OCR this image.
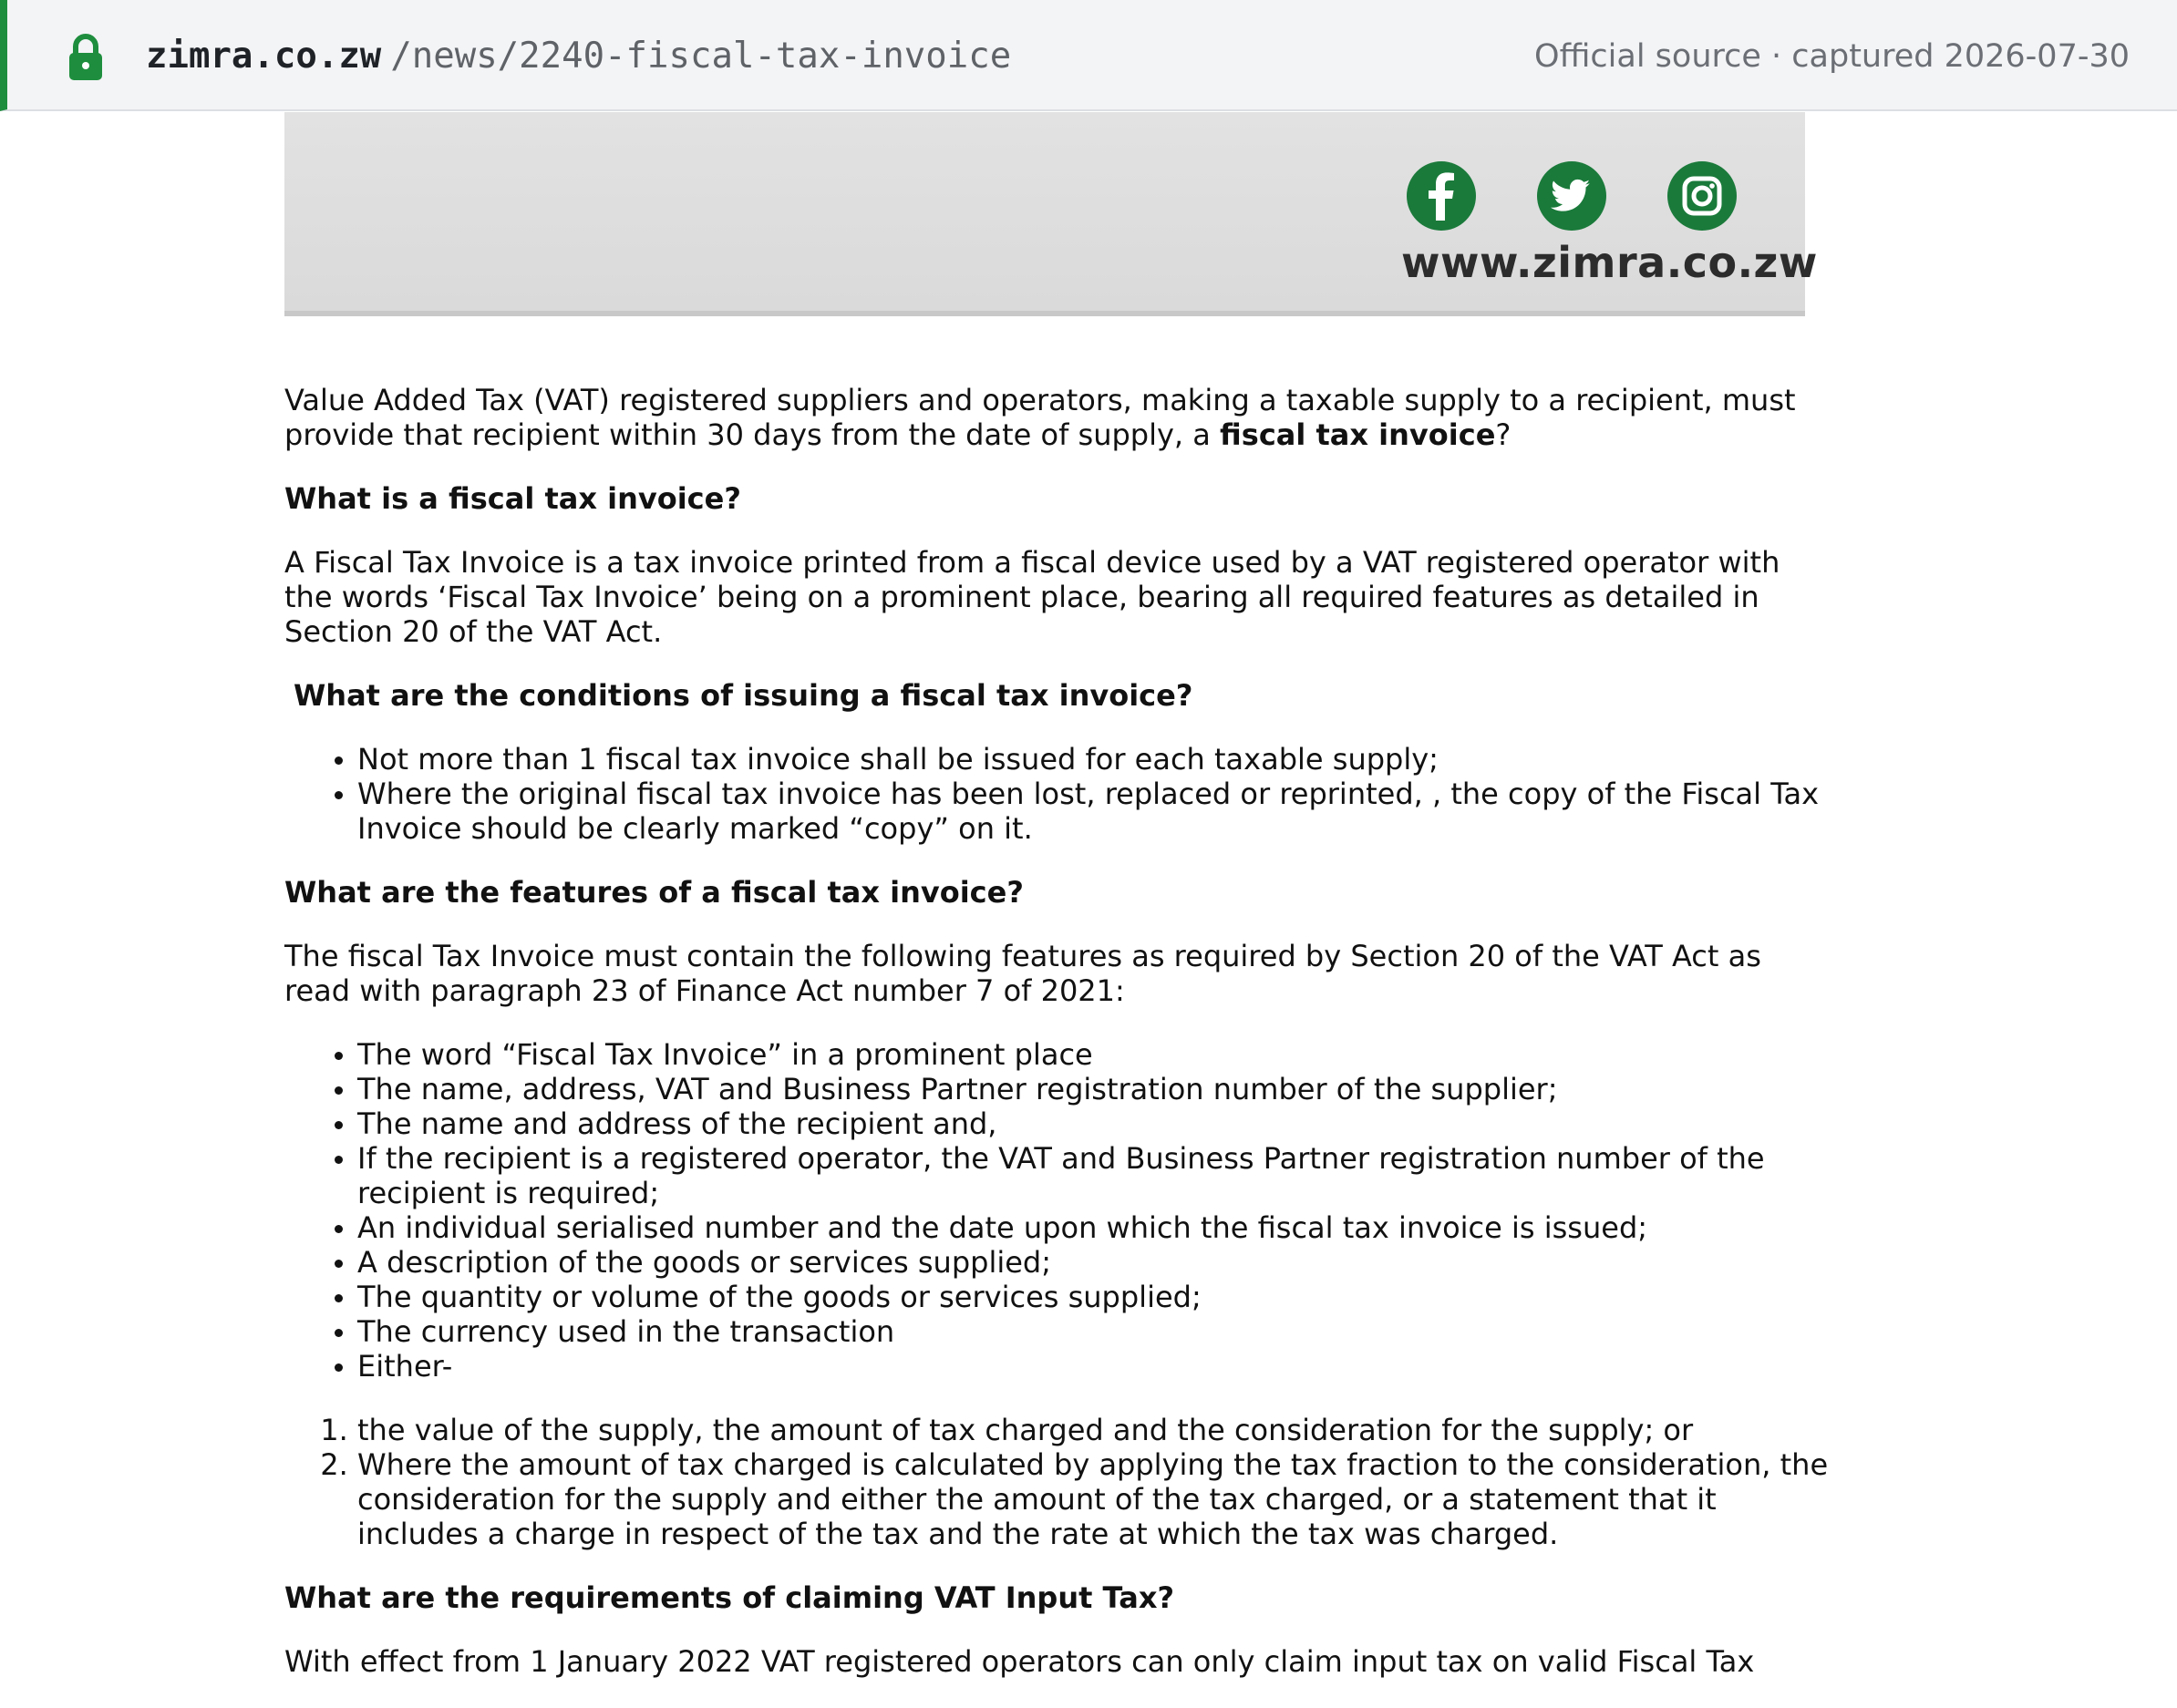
zimra.co.zw /news/2240-fiscal-tax-invoice	Official source · captured 2026-07-30
www.zimra.co.zw

Value Added Tax (VAT) registered suppliers and operators, making a taxable supply to a recipient, must provide that recipient within 30 days from the date of supply, a fiscal tax invoice?

What is a fiscal tax invoice?

A Fiscal Tax Invoice is a tax invoice printed from a fiscal device used by a VAT registered operator with the words ‘Fiscal Tax Invoice’ being on a prominent place, bearing all required features as detailed in Section 20 of the VAT Act.

What are the conditions of issuing a fiscal tax invoice?
• Not more than 1 fiscal tax invoice shall be issued for each taxable supply;
• Where the original fiscal tax invoice has been lost, replaced or reprinted, , the copy of the Fiscal Tax Invoice should be clearly marked “copy” on it.
What are the features of a fiscal tax invoice?

The fiscal Tax Invoice must contain the following features as required by Section 20 of the VAT Act as read with paragraph 23 of Finance Act number 7 of 2021:

• The word “Fiscal Tax Invoice” in a prominent place
• The name, address, VAT and Business Partner registration number of the supplier;
• The name and address of the recipient and,
• If the recipient is a registered operator, the VAT and Business Partner registration number of the recipient is required;
• An individual serialised number and the date upon which the fiscal tax invoice is issued;
• A description of the goods or services supplied;
• The quantity or volume of the goods or services supplied;
• The currency used in the transaction
• Either-
1. the value of the supply, the amount of tax charged and the consideration for the supply; or
2. Where the amount of tax charged is calculated by applying the tax fraction to the consideration, the consideration for the supply and either the amount of the tax charged, or a statement that it includes a charge in respect of the tax and the rate at which the tax was charged.
What are the requirements of claiming VAT Input Tax?

With effect from 1 January 2022 VAT registered operators can only claim input tax on valid Fiscal Tax
